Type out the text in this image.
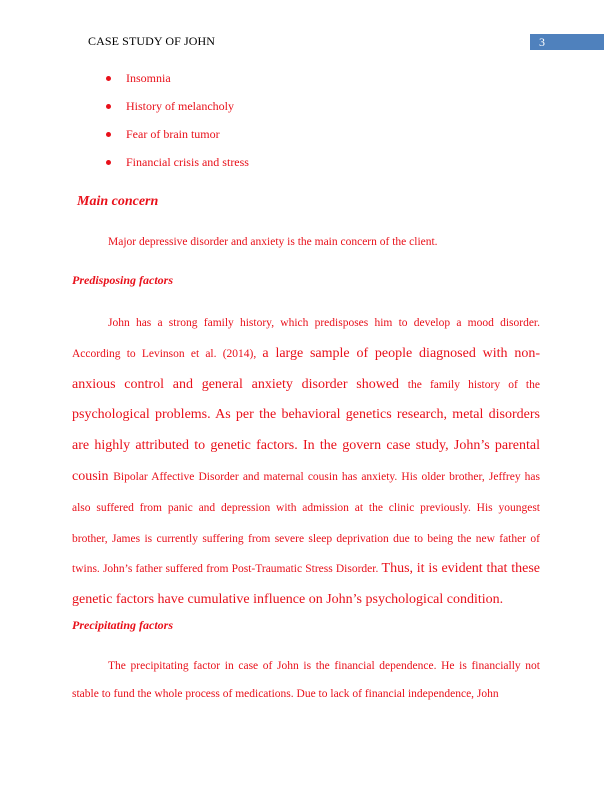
CASE STUDY OF JOHN	3
Insomnia
History of melancholy
Fear of brain tumor
Financial crisis and stress
Main concern

Major depressive disorder and anxiety is the main concern of the client.

Predisposing factors

John has a strong family history, which predisposes him to develop a mood disorder. According to Levinson et al. (2014), a large sample of people diagnosed with non-anxious control and general anxiety disorder showed the family history of the psychological problems. As per the behavioral genetics research, metal disorders are highly attributed to genetic factors. In the govern case study, John’s parental cousin Bipolar Affective Disorder and maternal cousin has anxiety. His older brother, Jeffrey has also suffered from panic and depression with admission at the clinic previously. His youngest brother, James is currently suffering from severe sleep deprivation due to being the new father of twins. John’s father suffered from Post-Traumatic Stress Disorder. Thus, it is evident that these genetic factors have cumulative influence on John’s psychological condition.

Precipitating factors

The precipitating factor in case of John is the financial dependence. He is financially not stable to fund the whole process of medications. Due to lack of financial independence, John
